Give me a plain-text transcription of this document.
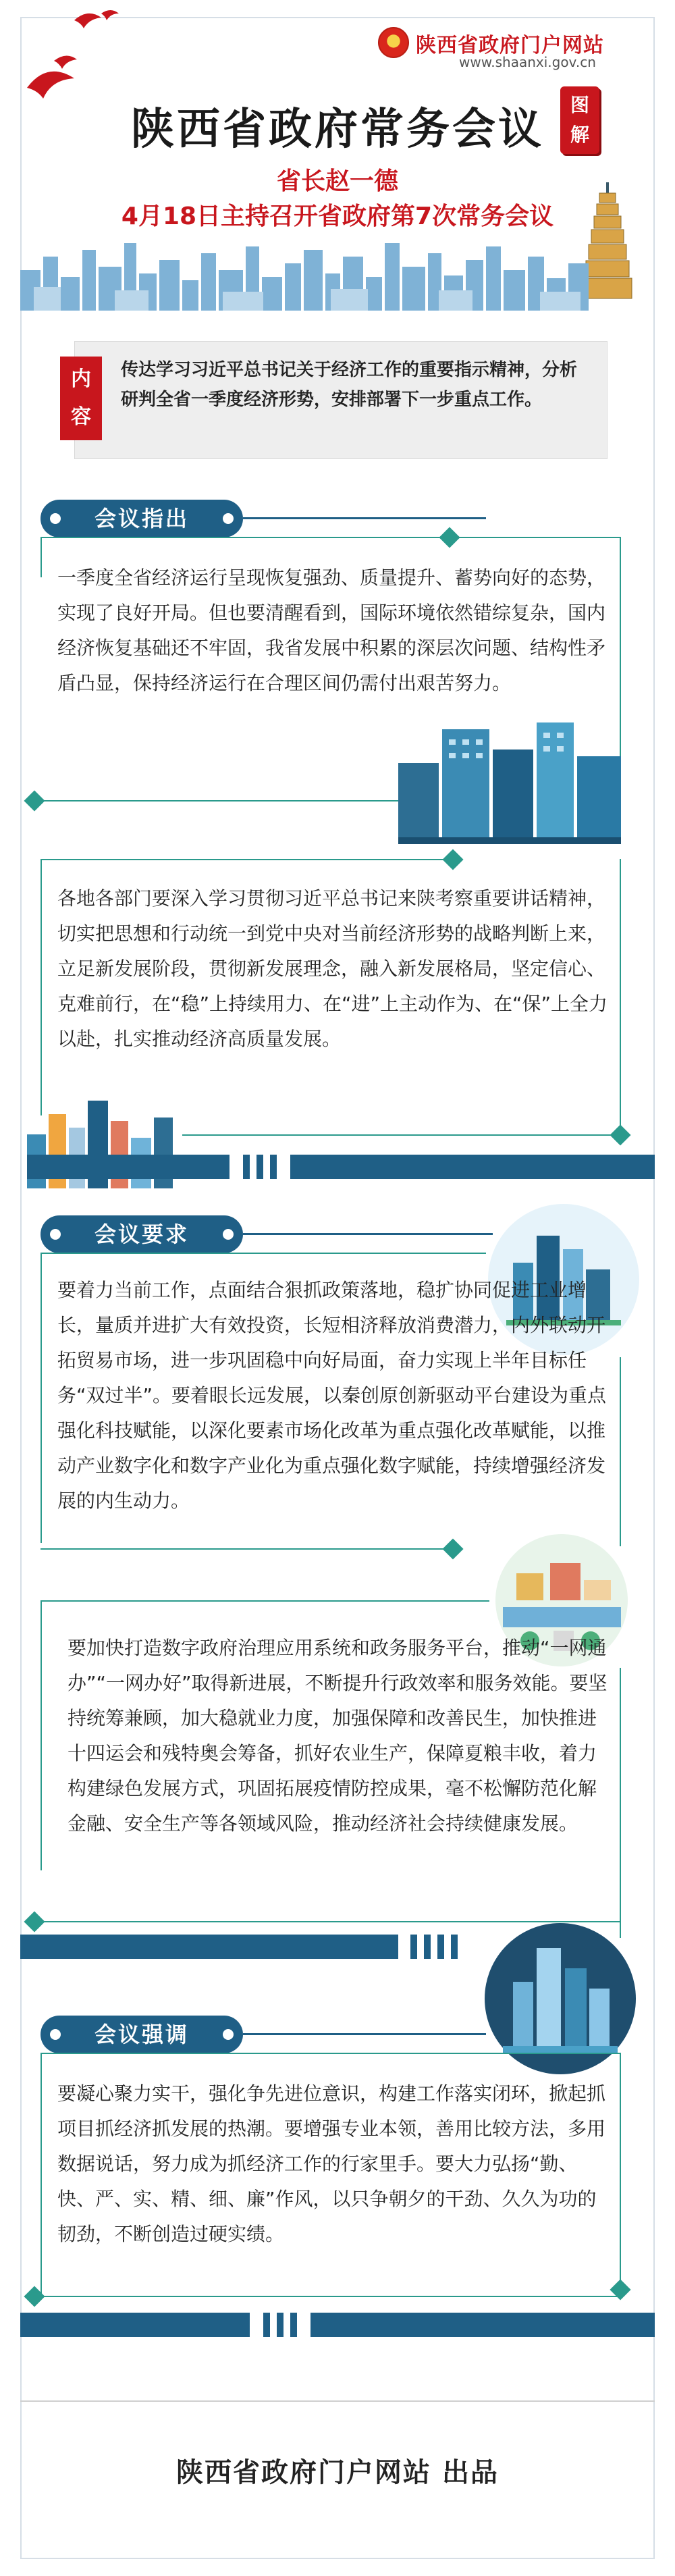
陕西省政府门户网站
www.shaanxi.gov.cn
陕西省政府常务会议	图
解
省长赵一德
4月18日主持召开省政府第7次常务会议
内
容
传达学习习近平总书记关于经济工作的重要指示精神，分析研判全省一季度经济形势，安排部署下一步重点工作。
会议指出
一季度全省经济运行呈现恢复强劲、质量提升、蓄势向好的态势，实现了良好开局。但也要清醒看到，国际环境依然错综复杂，国内经济恢复基础还不牢固，我省发展中积累的深层次问题、结构性矛盾凸显，保持经济运行在合理区间仍需付出艰苦努力。
各地各部门要深入学习贯彻习近平总书记来陕考察重要讲话精神，切实把思想和行动统一到党中央对当前经济形势的战略判断上来，立足新发展阶段，贯彻新发展理念，融入新发展格局，坚定信心、克难前行，在“稳”上持续用力、在“进”上主动作为、在“保”上全力以赴，扎实推动经济高质量发展。
会议要求
要着力当前工作，点面结合狠抓政策落地，稳扩协同促进工业增长，量质并进扩大有效投资，长短相济释放消费潜力，内外联动开拓贸易市场，进一步巩固稳中向好局面，奋力实现上半年目标任务“双过半”。要着眼长远发展，以秦创原创新驱动平台建设为重点强化科技赋能，以深化要素市场化改革为重点强化改革赋能，以推动产业数字化和数字产业化为重点强化数字赋能，持续增强经济发展的内生动力。
要加快打造数字政府治理应用系统和政务服务平台，推动“一网通办”“一网办好”取得新进展，不断提升行政效率和服务效能。要坚持统筹兼顾，加大稳就业力度，加强保障和改善民生，加快推进十四运会和残特奥会筹备，抓好农业生产，保障夏粮丰收，着力构建绿色发展方式，巩固拓展疫情防控成果，毫不松懈防范化解金融、安全生产等各领域风险，推动经济社会持续健康发展。
会议强调
要凝心聚力实干，强化争先进位意识，构建工作落实闭环，掀起抓项目抓经济抓发展的热潮。要增强专业本领，善用比较方法，多用数据说话，努力成为抓经济工作的行家里手。要大力弘扬“勤、快、严、实、精、细、廉”作风，以只争朝夕的干劲、久久为功的韧劲，不断创造过硬实绩。
陕西省政府门户网站 出品
